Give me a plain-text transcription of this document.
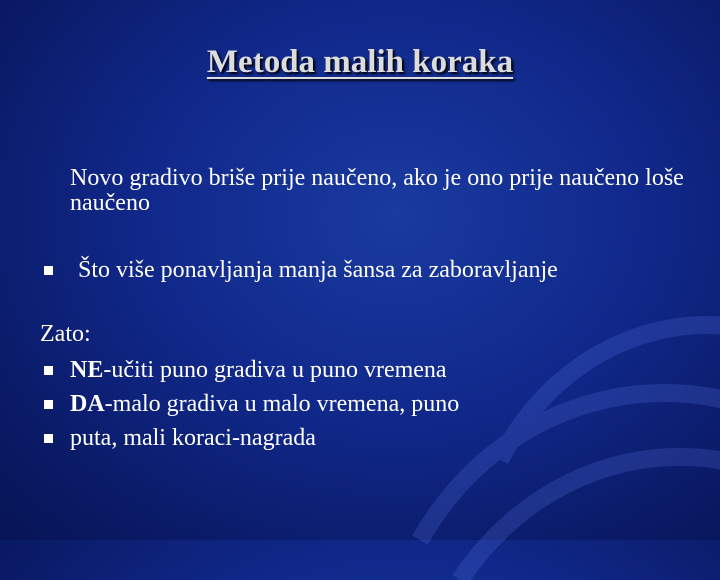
Metoda malih koraka
Novo gradivo briše prije naučeno, ako je ono prije naučeno loše naučeno
Što više ponavljanja manja šansa za zaboravljanje
Zato:
NE-učiti puno gradiva u puno vremena
DA-malo gradiva u malo vremena, puno
puta, mali koraci-nagrada
